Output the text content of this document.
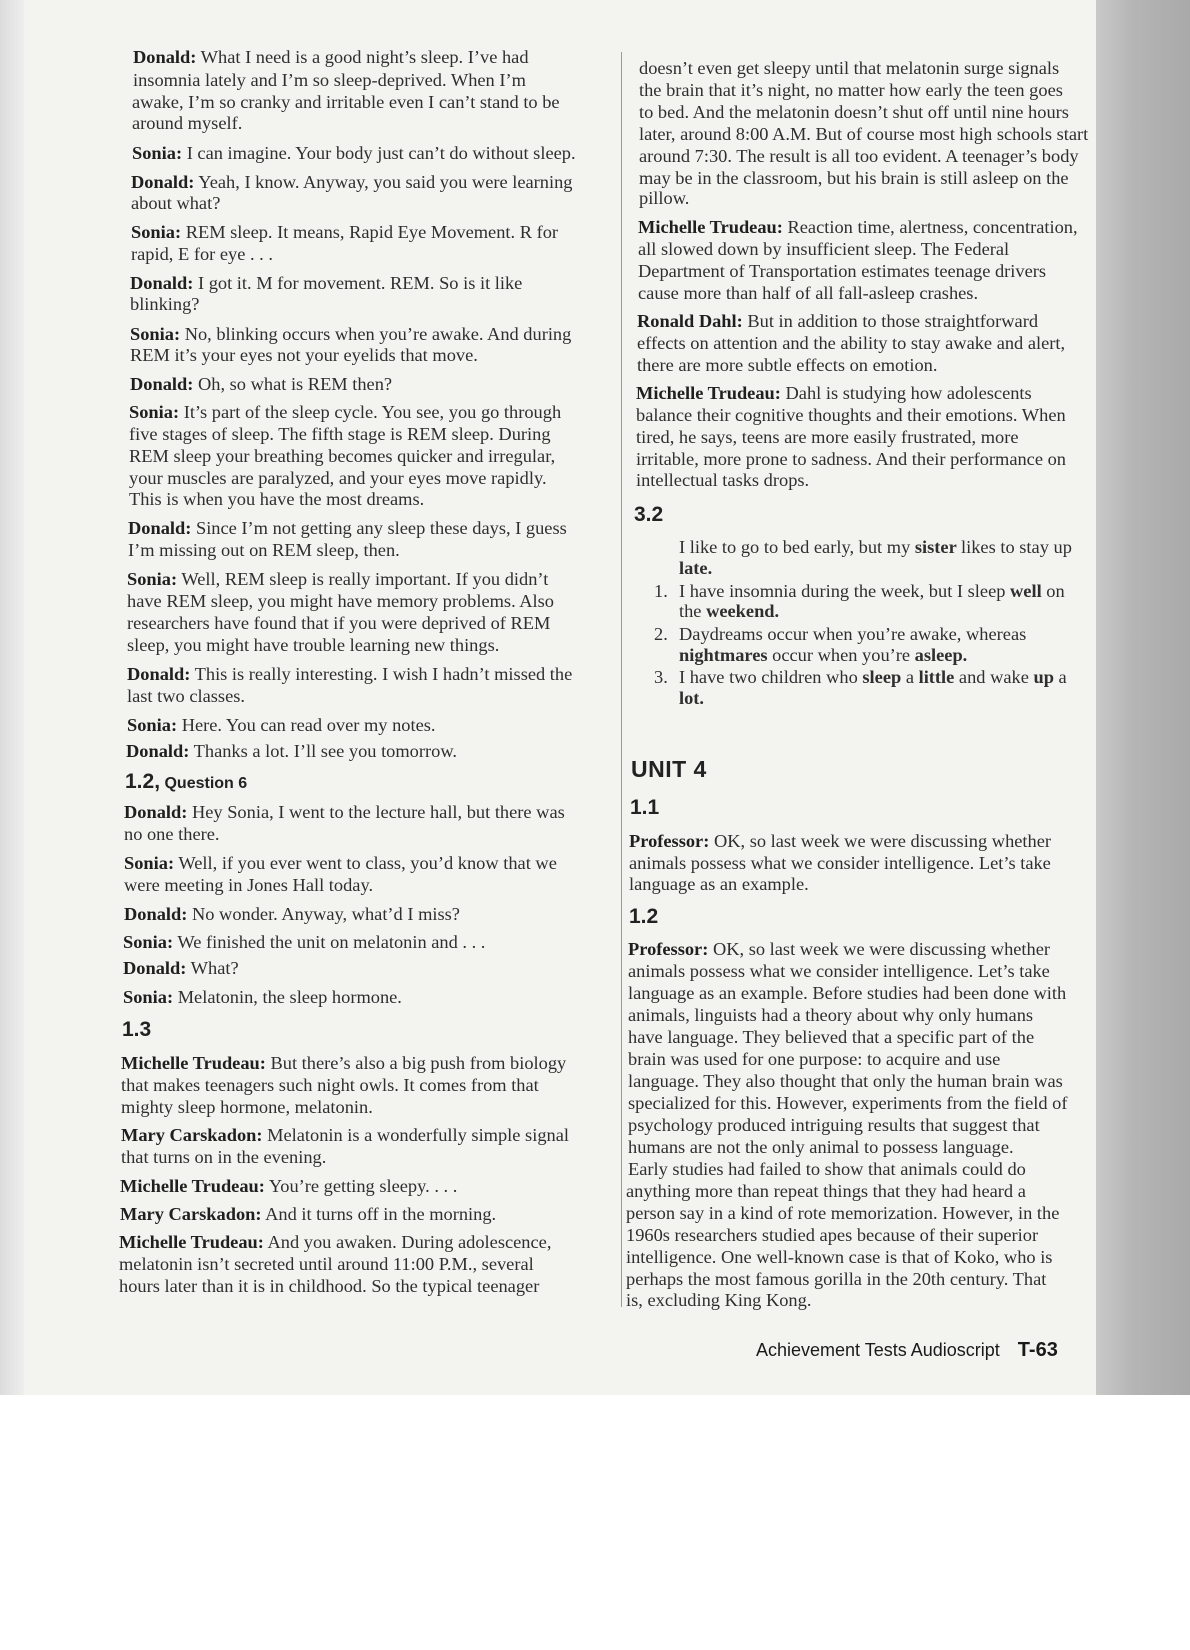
Donald: What I need is a good night’s sleep. I’ve had
insomnia lately and I’m so sleep-deprived. When I’m
awake, I’m so cranky and irritable even I can’t stand to be
around myself.
Sonia: I can imagine. Your body just can’t do without sleep.
Donald: Yeah, I know. Anyway, you said you were learning
about what?
Sonia: REM sleep. It means, Rapid Eye Movement. R for
rapid, E for eye . . .
Donald: I got it. M for movement. REM. So is it like
blinking?
Sonia: No, blinking occurs when you’re awake. And during
REM it’s your eyes not your eyelids that move.
Donald: Oh, so what is REM then?
Sonia: It’s part of the sleep cycle. You see, you go through
five stages of sleep. The fifth stage is REM sleep. During
REM sleep your breathing becomes quicker and irregular,
your muscles are paralyzed, and your eyes move rapidly.
This is when you have the most dreams.
Donald: Since I’m not getting any sleep these days, I guess
I’m missing out on REM sleep, then.
Sonia: Well, REM sleep is really important. If you didn’t
have REM sleep, you might have memory problems. Also
researchers have found that if you were deprived of REM
sleep, you might have trouble learning new things.
Donald: This is really interesting. I wish I hadn’t missed the
last two classes.
Sonia: Here. You can read over my notes.
Donald: Thanks a lot. I’ll see you tomorrow.
Donald: Hey Sonia, I went to the lecture hall, but there was
no one there.
Sonia: Well, if you ever went to class, you’d know that we
were meeting in Jones Hall today.
Donald: No wonder. Anyway, what’d I miss?
Sonia: We finished the unit on melatonin and . . .
Donald: What?
Sonia: Melatonin, the sleep hormone.
Michelle Trudeau: But there’s also a big push from biology
that makes teenagers such night owls. It comes from that
mighty sleep hormone, melatonin.
Mary Carskadon: Melatonin is a wonderfully simple signal
that turns on in the evening.
Michelle Trudeau: You’re getting sleepy. . . .
Mary Carskadon: And it turns off in the morning.
Michelle Trudeau: And you awaken. During adolescence,
melatonin isn’t secreted until around 11:00 P.M., several
hours later than it is in childhood. So the typical teenager
doesn’t even get sleepy until that melatonin surge signals
the brain that it’s night, no matter how early the teen goes
to bed. And the melatonin doesn’t shut off until nine hours
later, around 8:00 A.M. But of course most high schools start
around 7:30. The result is all too evident. A teenager’s body
may be in the classroom, but his brain is still asleep on the
pillow.
Michelle Trudeau: Reaction time, alertness, concentration,
all slowed down by insufficient sleep. The Federal
Department of Transportation estimates teenage drivers
cause more than half of all fall-asleep crashes.
Ronald Dahl: But in addition to those straightforward
effects on attention and the ability to stay awake and alert,
there are more subtle effects on emotion.
Michelle Trudeau: Dahl is studying how adolescents
balance their cognitive thoughts and their emotions. When
tired, he says, teens are more easily frustrated, more
irritable, more prone to sadness. And their performance on
intellectual tasks drops.
Professor: OK, so last week we were discussing whether
animals possess what we consider intelligence. Let’s take
language as an example.
Professor: OK, so last week we were discussing whether
animals possess what we consider intelligence. Let’s take
language as an example. Before studies had been done with
animals, linguists had a theory about why only humans
have language. They believed that a specific part of the
brain was used for one purpose: to acquire and use
language. They also thought that only the human brain was
specialized for this. However, experiments from the field of
psychology produced intriguing results that suggest that
humans are not the only animal to possess language.
Early studies had failed to show that animals could do
anything more than repeat things that they had heard a
person say in a kind of rote memorization. However, in the
1960s researchers studied apes because of their superior
intelligence. One well-known case is that of Koko, who is
perhaps the most famous gorilla in the 20th century. That
is, excluding King Kong.
1.2, Question 6
1.3
3.2
UNIT 4
1.1
1.2
I like to go to bed early, but my sister likes to stay up
late.
1. I have insomnia during the week, but I sleep well on
the weekend.
2. Daydreams occur when you’re awake, whereas
nightmares occur when you’re asleep.
3. I have two children who sleep a little and wake up a
lot.
Achievement Tests Audioscript T-63
